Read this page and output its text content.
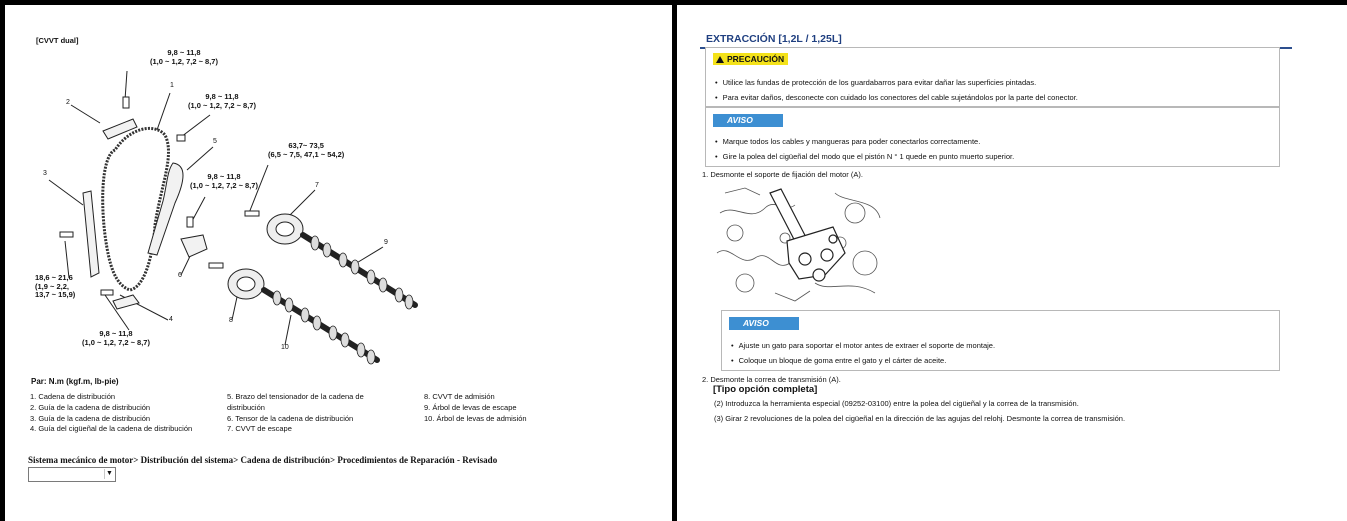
[CVVT dual]
9,8 ~ 11,8
(1,0 ~ 1,2, 7,2 ~ 8,7)
9,8 ~ 11,8
(1,0 ~ 1,2, 7,2 ~ 8,7)
63,7~ 73,5
(6,5 ~ 7,5, 47,1 ~ 54,2)
9,8 ~ 11,8
(1,0 ~ 1,2, 7,2 ~ 8,7)
18,6 ~ 21,6
(1,9 ~ 2,2,
13,7 ~ 15,9)
9,8 ~ 11,8
(1,0 ~ 1,2, 7,2 ~ 8,7)
1
2
3
4
5
6
7
8
9
10
Par: N.m (kgf.m, lb-pie)
1. Cadena de distribución
2. Guía de la cadena de distribución
3. Guía de la cadena de distribución
4. Guía del cigüeñal de la cadena de distribución
5. Brazo del tensionador de la cadena de
distribución
6. Tensor de la cadena de distribución
7. CVVT de escape
8. CVVT de admisión
9. Árbol de levas de escape
10. Árbol de levas de admisión
Sistema mecánico de motor> Distribución del sistema> Cadena de distribución> Procedimientos de Reparación - Revisado
▼
EXTRACCIÓN [1,2L / 1,25L]
PRECAUCIÓN
• Utilice las fundas de protección de los guardabarros para evitar dañar las superficies pintadas.
• Para evitar daños, desconecte con cuidado los conectores del cable sujetándolos por la parte del conector.
AVISO
• Marque todos los cables y mangueras para poder conectarlos correctamente.
• Gire la polea del cigüeñal del modo que el pistón N ° 1 quede en punto muerto superior.
1. Desmonte el soporte de fijación del motor (A).
AVISO
• Ajuste un gato para soportar el motor antes de extraer el soporte de montaje.
• Coloque un bloque de goma entre el gato y el cárter de aceite.
2. Desmonte la correa de transmisión (A).
[Tipo opción completa]
(2) Introduzca la herramienta especial (09252-03100) entre la polea del cigüeñal y la correa de la transmisión.
(3) Girar 2 revoluciones de la polea del cigüeñal en la dirección de las agujas del relohj. Desmonte la correa de transmisión.
